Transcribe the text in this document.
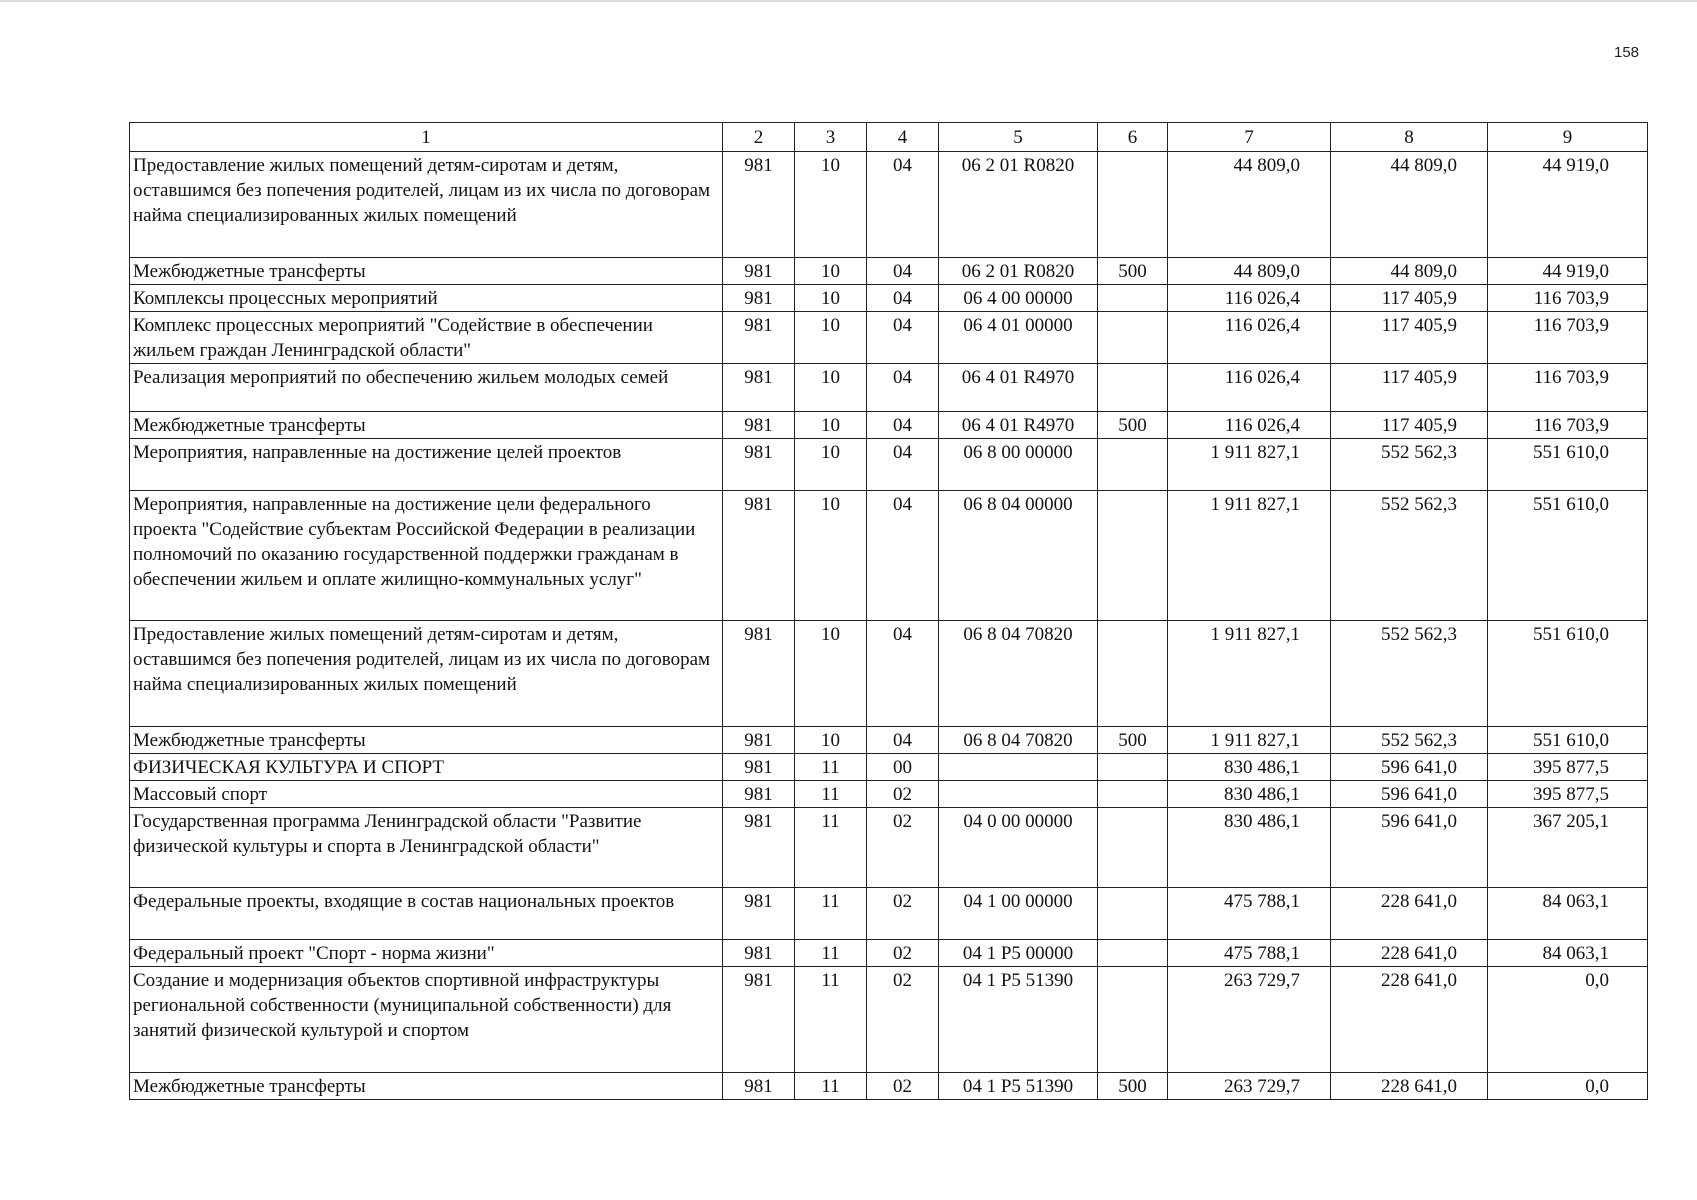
158
1	2	3	4	5	6	7	8	9
Предоставление жилых помещений детям-сиротам и детям, оставшимся без попечения родителей, лицам из их числа по договорам найма специализированных жилых помещений	981	10	04	06 2 01 R0820		44 809,0	44 809,0	44 919,0
Межбюджетные трансферты	981	10	04	06 2 01 R0820	500	44 809,0	44 809,0	44 919,0
Комплексы процессных мероприятий	981	10	04	06 4 00 00000		116 026,4	117 405,9	116 703,9
Комплекс процессных мероприятий "Содействие в обеспечении жильем граждан Ленинградской области"	981	10	04	06 4 01 00000		116 026,4	117 405,9	116 703,9
Реализация мероприятий по обеспечению жильем молодых семей	981	10	04	06 4 01 R4970		116 026,4	117 405,9	116 703,9
Межбюджетные трансферты	981	10	04	06 4 01 R4970	500	116 026,4	117 405,9	116 703,9
Мероприятия, направленные на достижение целей проектов	981	10	04	06 8 00 00000		1 911 827,1	552 562,3	551 610,0
Мероприятия, направленные на достижение цели федерального проекта "Содействие субъектам Российской Федерации в реализации полномочий по оказанию государственной поддержки гражданам в обеспечении жильем и оплате жилищно-коммунальных услуг"	981	10	04	06 8 04 00000		1 911 827,1	552 562,3	551 610,0
Предоставление жилых помещений детям-сиротам и детям, оставшимся без попечения родителей, лицам из их числа по договорам найма специализированных жилых помещений	981	10	04	06 8 04 70820		1 911 827,1	552 562,3	551 610,0
Межбюджетные трансферты	981	10	04	06 8 04 70820	500	1 911 827,1	552 562,3	551 610,0
ФИЗИЧЕСКАЯ КУЛЬТУРА И СПОРТ	981	11	00			830 486,1	596 641,0	395 877,5
Массовый спорт	981	11	02			830 486,1	596 641,0	395 877,5
Государственная программа Ленинградской области "Развитие физической культуры и спорта в Ленинградской области"	981	11	02	04 0 00 00000		830 486,1	596 641,0	367 205,1
Федеральные проекты, входящие в состав национальных проектов	981	11	02	04 1 00 00000		475 788,1	228 641,0	84 063,1
Федеральный проект "Спорт - норма жизни"	981	11	02	04 1 P5 00000		475 788,1	228 641,0	84 063,1
Создание и модернизация объектов спортивной инфраструктуры региональной собственности (муниципальной собственности) для занятий физической культурой и спортом	981	11	02	04 1 P5 51390		263 729,7	228 641,0	0,0
Межбюджетные трансферты	981	11	02	04 1 P5 51390	500	263 729,7	228 641,0	0,0
